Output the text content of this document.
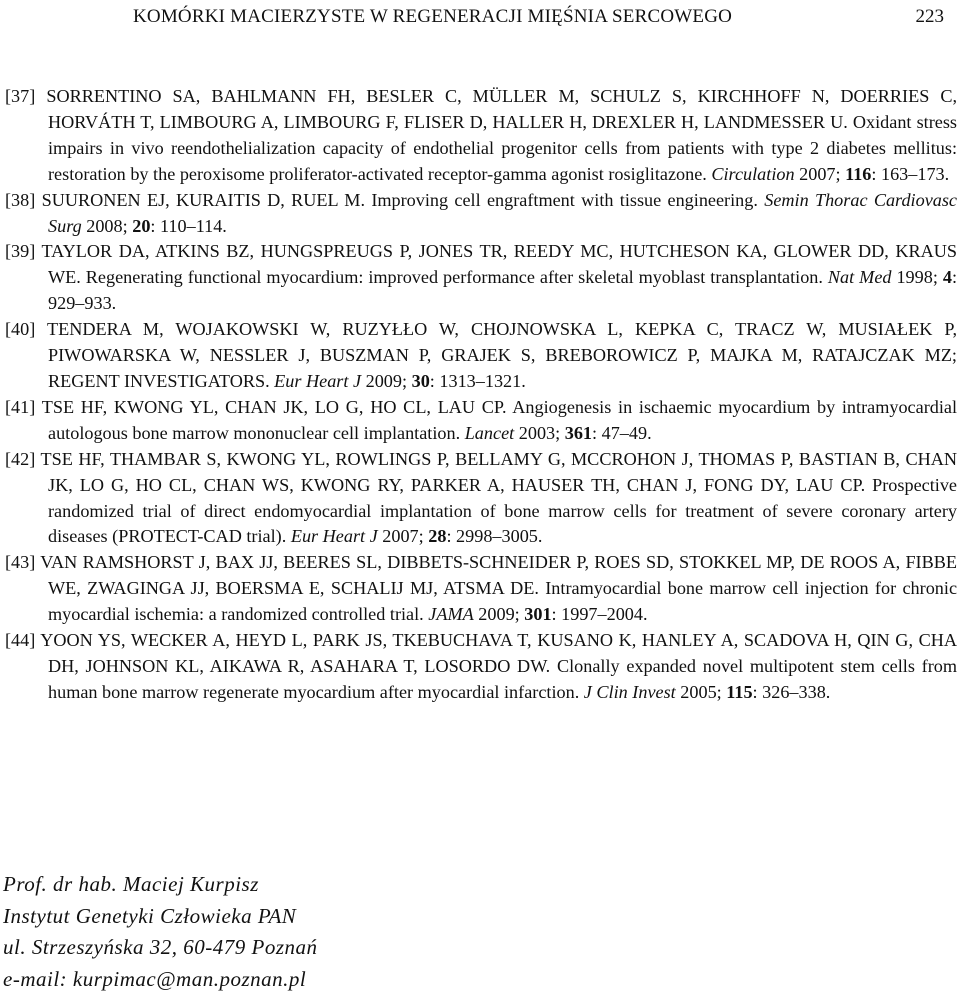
KOMÓRKI MACIERZYSTE W REGENERACJI MIĘŚNIA SERCOWEGO	223
[37] SORRENTINO SA, BAHLMANN FH, BESLER C, MÜLLER M, SCHULZ S, KIRCHHOFF N, DOERRIES C, HORVÁTH T, LIMBOURG A, LIMBOURG F, FLISER D, HALLER H, DREXLER H, LANDMESSER U. Oxidant stress impairs in vivo reendothelialization capacity of endothelial progenitor cells from patients with type 2 diabetes mellitus: restoration by the peroxisome proliferator-activated receptor-gamma agonist rosiglitazone. Circulation 2007; 116: 163–173.
[38] SUURONEN EJ, KURAITIS D, RUEL M. Improving cell engraftment with tissue engineering. Semin Thorac Cardiovasc Surg 2008; 20: 110–114.
[39] TAYLOR DA, ATKINS BZ, HUNGSPREUGS P, JONES TR, REEDY MC, HUTCHESON KA, GLOWER DD, KRAUS WE. Regenerating functional myocardium: improved performance after skeletal myoblast transplantation. Nat Med 1998; 4: 929–933.
[40] TENDERA M, WOJAKOWSKI W, RUZYŁŁO W, CHOJNOWSKA L, KEPKA C, TRACZ W, MUSIAŁEK P, PIWOWARSKA W, NESSLER J, BUSZMAN P, GRAJEK S, BREBOROWICZ P, MAJKA M, RATAJCZAK MZ; REGENT INVESTIGATORS. Eur Heart J 2009; 30: 1313–1321.
[41] TSE HF, KWONG YL, CHAN JK, LO G, HO CL, LAU CP. Angiogenesis in ischaemic myocardium by intramyocardial autologous bone marrow mononuclear cell implantation. Lancet 2003; 361: 47–49.
[42] TSE HF, THAMBAR S, KWONG YL, ROWLINGS P, BELLAMY G, MCCROHON J, THOMAS P, BASTIAN B, CHAN JK, LO G, HO CL, CHAN WS, KWONG RY, PARKER A, HAUSER TH, CHAN J, FONG DY, LAU CP. Prospective randomized trial of direct endomyocardial implantation of bone marrow cells for treatment of severe coronary artery diseases (PROTECT-CAD trial). Eur Heart J 2007; 28: 2998–3005.
[43] VAN RAMSHORST J, BAX JJ, BEERES SL, DIBBETS-SCHNEIDER P, ROES SD, STOKKEL MP, DE ROOS A, FIBBE WE, ZWAGINGA JJ, BOERSMA E, SCHALIJ MJ, ATSMA DE. Intramyocardial bone marrow cell injection for chronic myocardial ischemia: a randomized controlled trial. JAMA 2009; 301: 1997–2004.
[44] YOON YS, WECKER A, HEYD L, PARK JS, TKEBUCHAVA T, KUSANO K, HANLEY A, SCADOVA H, QIN G, CHA DH, JOHNSON KL, AIKAWA R, ASAHARA T, LOSORDO DW. Clonally expanded novel multipotent stem cells from human bone marrow regenerate myocardium after myocardial infarction. J Clin Invest 2005; 115: 326–338.
Prof. dr hab. Maciej Kurpisz
Instytut Genetyki Człowieka PAN
ul. Strzeszyńska 32, 60-479 Poznań
e-mail: kurpimac@man.poznan.pl
